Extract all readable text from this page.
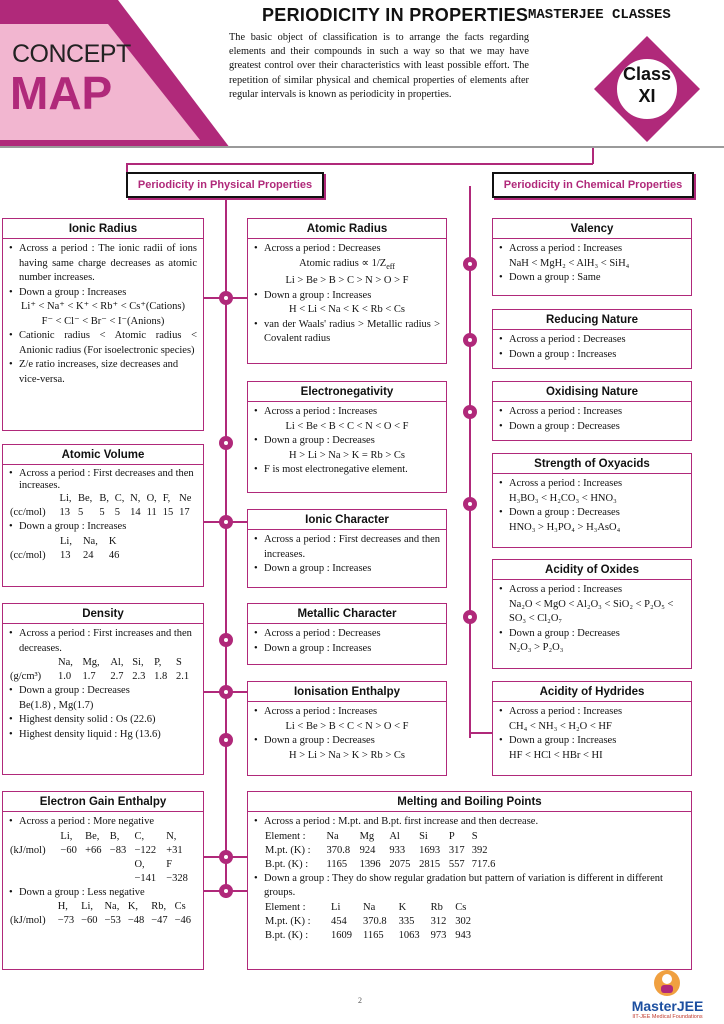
CONCEPT
MAP
PERIODICITY IN PROPERTIES MASTERJEE CLASSES
The basic object of classification is to arrange the facts regarding elements and their compounds in such a way so that we may have greatest control over their characteristics with least possible effort. The repetition of similar physical and chemical properties of elements after regular intervals is known as periodicity in properties.
Class
XI
Periodicity in Physical Properties	Periodicity in Chemical Properties
Ionic Radius
• Across a period : The ionic radii of ions having same charge decreases as atomic number increases.
• Down a group : Increases
Li⁺ < Na⁺ < K⁺ < Rb⁺ < Cs⁺(Cations)
F⁻ < Cl⁻ < Br⁻ < I⁻(Anions)
• Cationic radius < Atomic radius < Anionic radius (For isoelectronic species)
• Z/e ratio increases, size decreases and vice-versa.
Atomic Volume
• Across a period : First decreases and then increases.
	Li,	Be,	B,	C,	N,	O,	F,	Ne
(cc/mol)	13	5	5	5	14	11	15	17
• Down a group : Increases
	Li,	Na,	K
(cc/mol)	13	24	46
Density
• Across a period : First increases and then decreases.
	Na,	Mg,	Al,	Si,	P,	S
(g/cm³)	1.0	1.7	2.7	2.3	1.8	2.1
• Down a group : Decreases
Be(1.8) , Mg(1.7)
• Highest density solid : Os (22.6)
• Highest density liquid : Hg (13.6)
Electron Gain Enthalpy
• Across a period : More negative
	Li,	Be,	B,	C,	N,
(kJ/mol)	−60	+66	−83	−122	+31
				O,	F
				−141	−328
• Down a group : Less negative
	H,	Li,	Na,	K,	Rb,	Cs
(kJ/mol)	−73	−60	−53	−48	−47	−46
Atomic Radius
• Across a period : Decreases
Atomic radius ∝ $1/Z_{eff}$
Li > Be > B > C > N > O > F
• Down a group : Increases
H < Li < Na < K < Rb < Cs
• van der Waals' radius > Metallic radius > Covalent radius
Electronegativity
• Across a period : Increases
Li < Be < B < C < N < O < F
• Down a group : Decreases
H > Li > Na > K = Rb > Cs
• F is most electronegative element.
Ionic Character
• Across a period : First decreases and then increases.
• Down a group : Increases
Metallic Character
• Across a period : Decreases
• Down a group : Increases
Ionisation Enthalpy
• Across a period : Increases
Li < Be > B < C < N > O < F
• Down a group : Decreases
H > Li > Na > K > Rb > Cs
Melting and Boiling Points
• Across a period : M.pt. and B.pt. first increase and then decrease.
Element :	Na	Mg	Al	Si	P	S
M.pt. (K) :	370.8	924	933	1693	317	392
B.pt. (K) :	1165	1396	2075	2815	557	717.6
• Down a group : They do show regular gradation but pattern of variation is different in different groups.
Element :	Li	Na	K	Rb	Cs
M.pt. (K) :	454	370.8	335	312	302
B.pt. (K) :	1609	1165	1063	973	943
Valency
• Across a period : Increases
NaH < MgH₂ < AlH₃ < SiH₄
• Down a group : Same
Reducing Nature
• Across a period : Decreases
• Down a group : Increases
Oxidising Nature
• Across a period : Increases
• Down a group : Decreases
Strength of Oxyacids
• Across a period : Increases
H₃BO₃ < H₂CO₃ < HNO₃
• Down a group : Decreases
HNO₃ > H₃PO₄ > H₃AsO₄
Acidity of Oxides
• Across a period : Increases
Na₂O < MgO < Al₂O₃ < SiO₂ < P₂O₅ < SO₃ < Cl₂O₇
• Down a group : Decreases
N₂O₃ > P₂O₃
Acidity of Hydrides
• Across a period : Increases
CH₄ < NH₃ < H₂O < HF
• Down a group : Increases
HF < HCl < HBr < HI
2	MasterJEE
IIT-JEE Medical Foundations
